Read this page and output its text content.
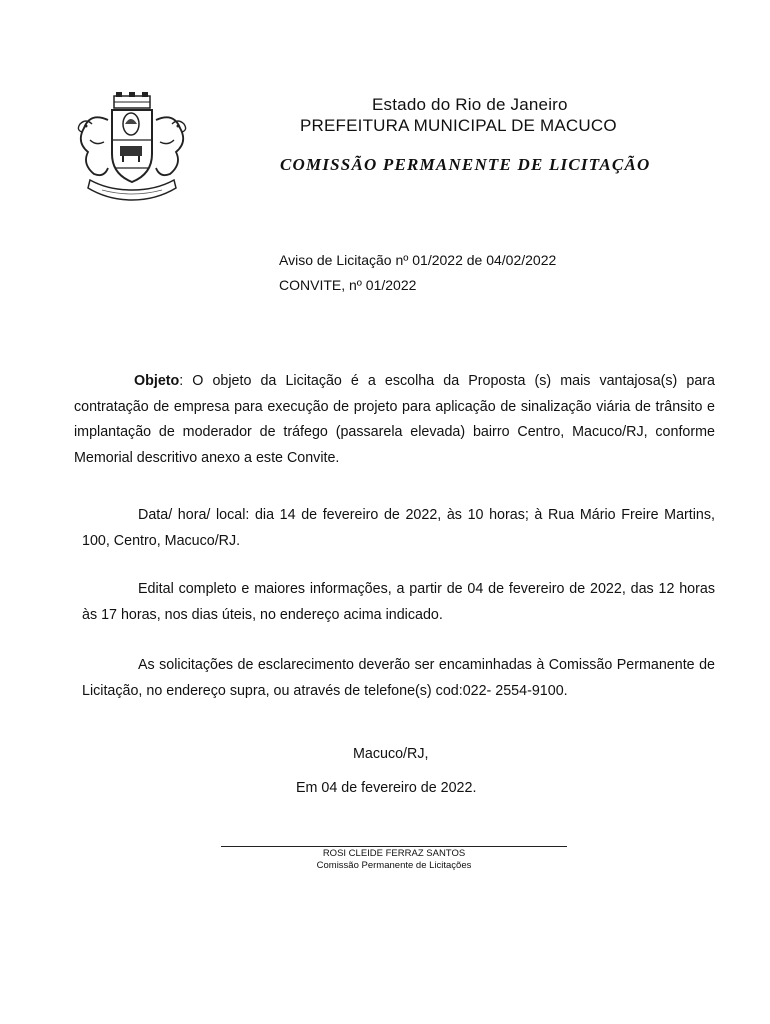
Estado do Rio de Janeiro
PREFEITURA MUNICIPAL DE MACUCO
COMISSÃO PERMANENTE DE LICITAÇÃO
Aviso de Licitação nº 01/2022 de 04/02/2022
CONVITE, nº 01/2022

Objeto: O objeto da Licitação é a escolha da Proposta (s) mais vantajosa(s) para contratação de empresa para execução de projeto para aplicação de sinalização viária de trânsito e implantação de moderador de tráfego (passarela elevada) bairro Centro, Macuco/RJ, conforme Memorial descritivo anexo a este Convite.

Data/ hora/ local: dia 14 de fevereiro de 2022, às 10 horas; à Rua Mário Freire Martins, 100, Centro, Macuco/RJ.

Edital completo e maiores informações, a partir de 04 de fevereiro de 2022, das 12 horas às 17 horas, nos dias úteis, no endereço acima indicado.

As solicitações de esclarecimento deverão ser encaminhadas à Comissão Permanente de Licitação, no endereço supra, ou através de telefone(s) cod:022- 2554-9100.

Macuco/RJ,
Em 04 de fevereiro de 2022.
ROSI CLEIDE FERRAZ SANTOS
Comissão Permanente de Licitações
